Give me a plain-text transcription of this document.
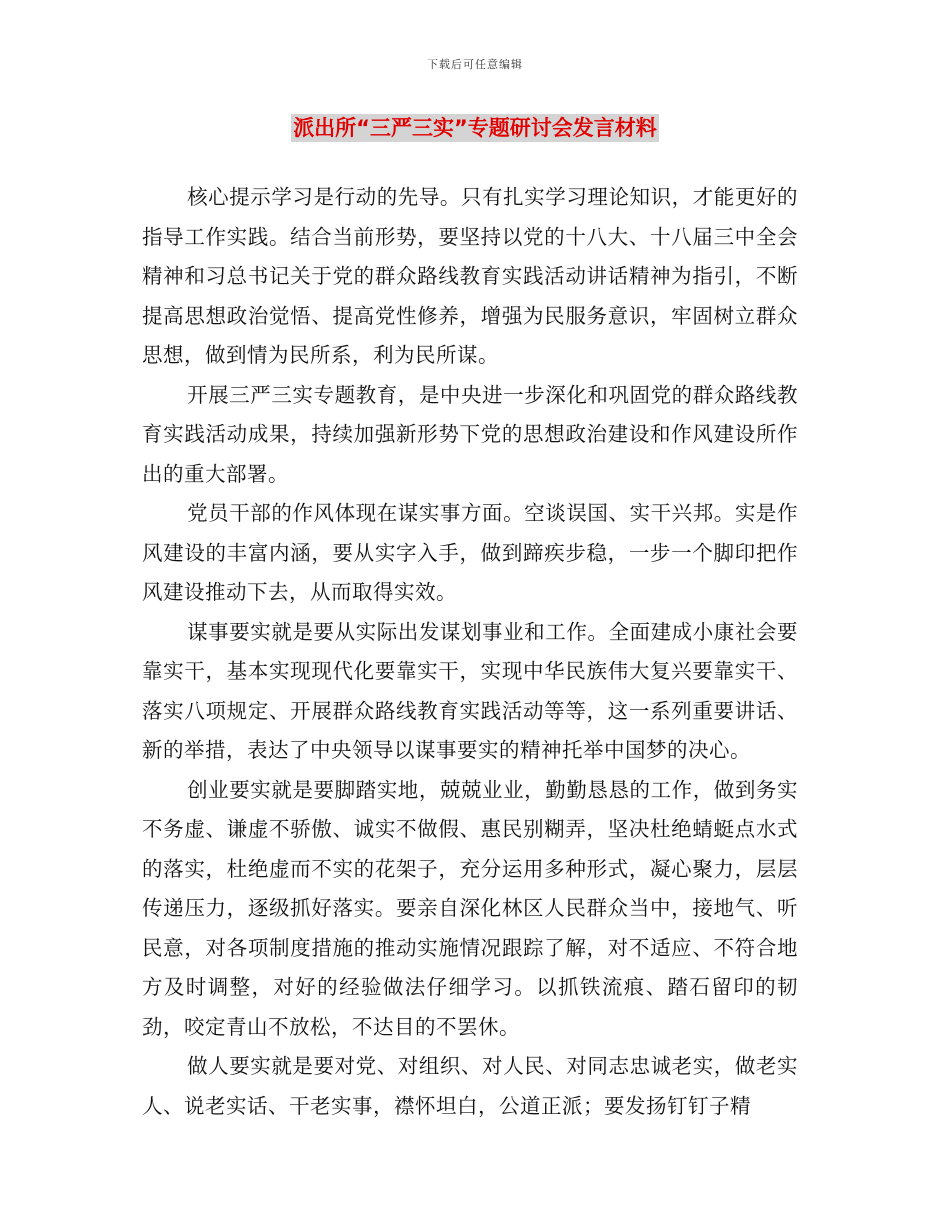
下载后可任意编辑
派出所“三严三实”专题研讨会发言材料

核心提示学习是行动的先导。只有扎实学习理论知识，才能更好的指导工作实践。结合当前形势，要坚持以党的十八大、十八届三中全会精神和习总书记关于党的群众路线教育实践活动讲话精神为指引，不断提高思想政治觉悟、提高党性修养，增强为民服务意识，牢固树立群众思想，做到情为民所系，利为民所谋。

开展三严三实专题教育，是中央进一步深化和巩固党的群众路线教育实践活动成果，持续加强新形势下党的思想政治建设和作风建设所作出的重大部署。

党员干部的作风体现在谋实事方面。空谈误国、实干兴邦。实是作风建设的丰富内涵，要从实字入手，做到蹄疾步稳，一步一个脚印把作风建设推动下去，从而取得实效。

谋事要实就是要从实际出发谋划事业和工作。全面建成小康社会要靠实干，基本实现现代化要靠实干，实现中华民族伟大复兴要靠实干、落实八项规定、开展群众路线教育实践活动等等，这一系列重要讲话、新的举措，表达了中央领导以谋事要实的精神托举中国梦的决心。

创业要实就是要脚踏实地，兢兢业业，勤勤恳恳的工作，做到务实不务虚、谦虚不骄傲、诚实不做假、惠民别糊弄，坚决杜绝蜻蜓点水式的落实，杜绝虚而不实的花架子，充分运用多种形式，凝心聚力，层层传递压力，逐级抓好落实。要亲自深化林区人民群众当中，接地气、听民意，对各项制度措施的推动实施情况跟踪了解，对不适应、不符合地方及时调整，对好的经验做法仔细学习。以抓铁流痕、踏石留印的韧劲，咬定青山不放松，不达目的不罢休。

做人要实就是要对党、对组织、对人民、对同志忠诚老实，做老实人、说老实话、干老实事，襟怀坦白，公道正派；要发扬钉钉子精
